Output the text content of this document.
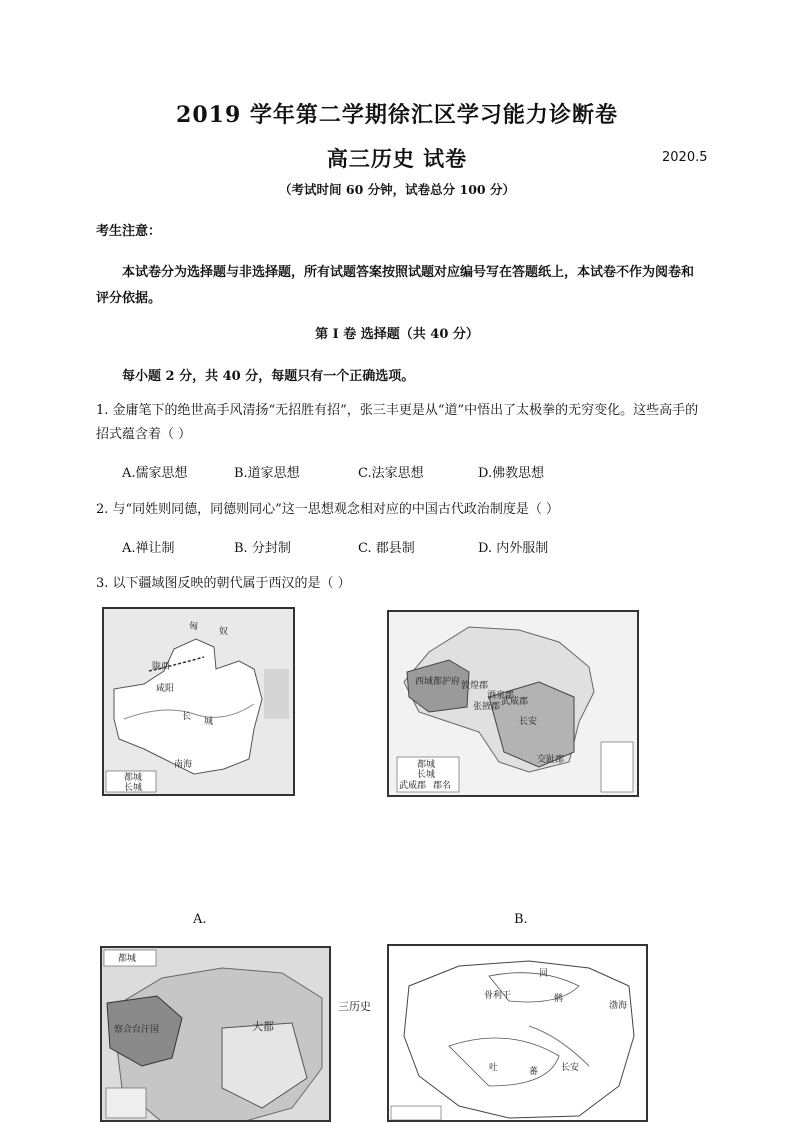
2019 学年第二学期徐汇区学习能力诊断卷
高三历史 试卷	2020.5
（考试时间 60 分钟，试卷总分 100 分）
考生注意：
本试卷分为选择题与非选择题，所有试题答案按照试题对应编号写在答题纸上，本试卷不作为阅卷和评分依据。
第 I 卷 选择题（共 40 分）
每小题 2 分，共 40 分，每题只有一个正确选项。
1. 金庸笔下的绝世高手风清扬“无招胜有招”，张三丰更是从“道”中悟出了太极拳的无穷变化。这些高手的招式蕴含着（ ）
A.儒家思想	B.道家思想	C.法家思想	D.佛教思想
2. 与“同姓则同德，同德则同心”这一思想观念相对应的中国古代政治制度是（ ）
A.禅让制	B. 分封制	C. 郡县制	D. 内外服制
3. 以下疆域图反映的朝代属于西汉的是（ ）
匈 奴
陇西
咸阳
长 城
南海
都城
长城
西域都护府 敦煌郡
酒泉郡
张掖郡 武威郡
长安
交趾郡
都城
长城
武威郡 郡名
A.	B.
都城
大都
察合台汗国
三历史
回
鹘
骨利干
吐	蕃	长安
渤海
